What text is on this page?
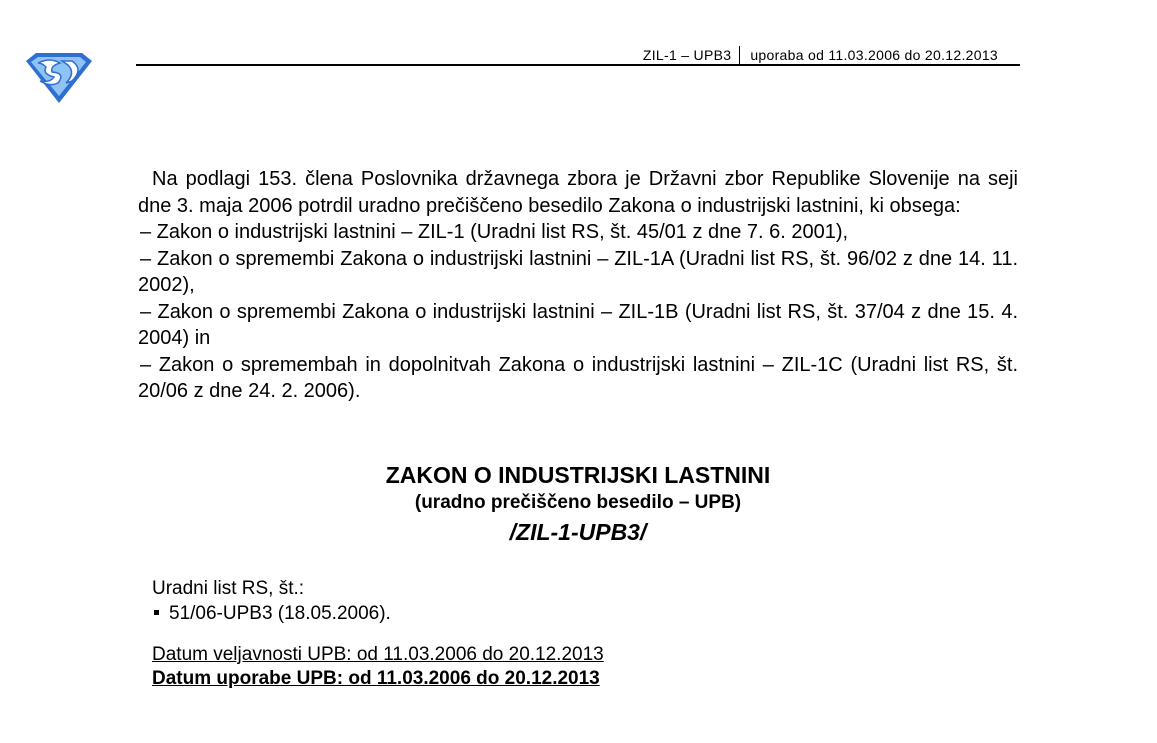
ZIL-1 – UPB3 uporaba od 11.03.2006 do 20.12.2013

Na podlagi 153. člena Poslovnika državnega zbora je Državni zbor Republike Slovenije na seji dne 3. maja 2006 potrdil uradno prečiščeno besedilo Zakona o industrijski lastnini, ki obsega:

– Zakon o industrijski lastnini – ZIL-1 (Uradni list RS, št. 45/01 z dne 7. 6. 2001),

– Zakon o spremembi Zakona o industrijski lastnini – ZIL-1A (Uradni list RS, št. 96/02 z dne 14. 11. 2002),

– Zakon o spremembi Zakona o industrijski lastnini – ZIL-1B (Uradni list RS, št. 37/04 z dne 15. 4. 2004) in

– Zakon o spremembah in dopolnitvah Zakona o industrijski lastnini – ZIL-1C (Uradni list RS, št. 20/06 z dne 24. 2. 2006).

ZAKON O INDUSTRIJSKI LASTNINI
(uradno prečiščeno besedilo – UPB)
/ZIL-1-UPB3/
Uradni list RS, št.:
51/06-UPB3 (18.05.2006).
Datum veljavnosti UPB: od 11.03.2006 do 20.12.2013
Datum uporabe UPB: od 11.03.2006 do 20.12.2013
